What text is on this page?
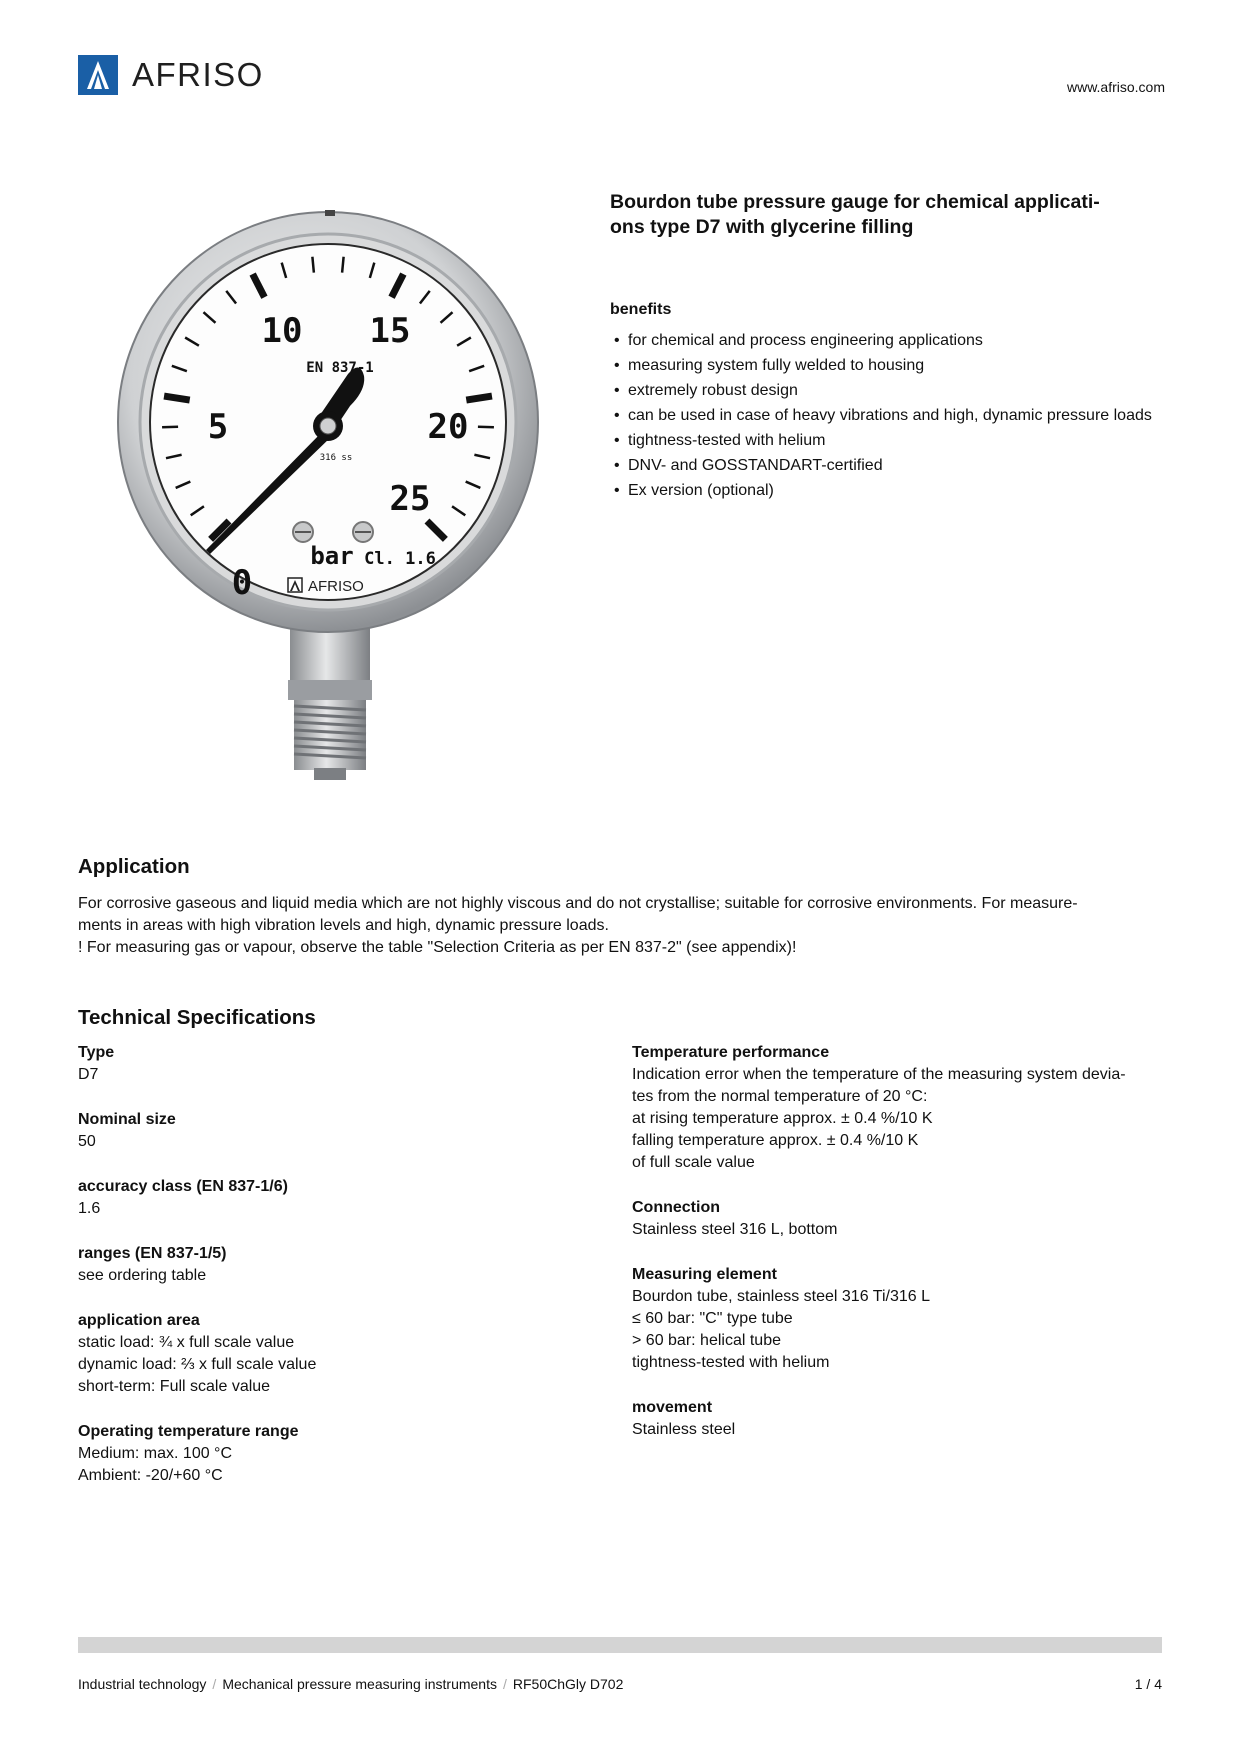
AFRISO	www.afriso.com
0
5
10 15
20
25
EN 837-1
316 ss
bar Cl. 1.6
AFRISO
Bourdon tube pressure gauge for chemical applicati-
ons type D7 with glycerine filling
benefits
• for chemical and process engineering applications
• measuring system fully welded to housing
• extremely robust design
• can be used in case of heavy vibrations and high, dynamic pressure loads
• tightness-tested with helium
• DNV- and GOSSTANDART-certified
• Ex version (optional)
Application

For corrosive gaseous and liquid media which are not highly viscous and do not crystallise; suitable for corrosive environments. For measure-

ments in areas with high vibration levels and high, dynamic pressure loads.

! For measuring gas or vapour, observe the table "Selection Criteria as per EN 837-2" (see appendix)!

Technical Specifications
Type
D7
Nominal size
50
accuracy class (EN 837-1/6)
1.6
ranges (EN 837-1/5)
see ordering table
application area
static load: ¾ x full scale value
dynamic load: ⅔ x full scale value
short-term: Full scale value
Operating temperature range
Medium: max. 100 °C
Ambient: -20/+60 °C
Temperature performance
Indication error when the temperature of the measuring system devia-
tes from the normal temperature of 20 °C:
at rising temperature approx. ± 0.4 %/10 K
falling temperature approx. ± 0.4 %/10 K
of full scale value
Connection
Stainless steel 316 L, bottom
Measuring element
Bourdon tube, stainless steel 316 Ti/316 L
≤ 60 bar: "C" type tube
> 60 bar: helical tube
tightness-tested with helium
movement
Stainless steel
Industrial technology / Mechanical pressure measuring instruments / RF50ChGly D702	1 / 4
